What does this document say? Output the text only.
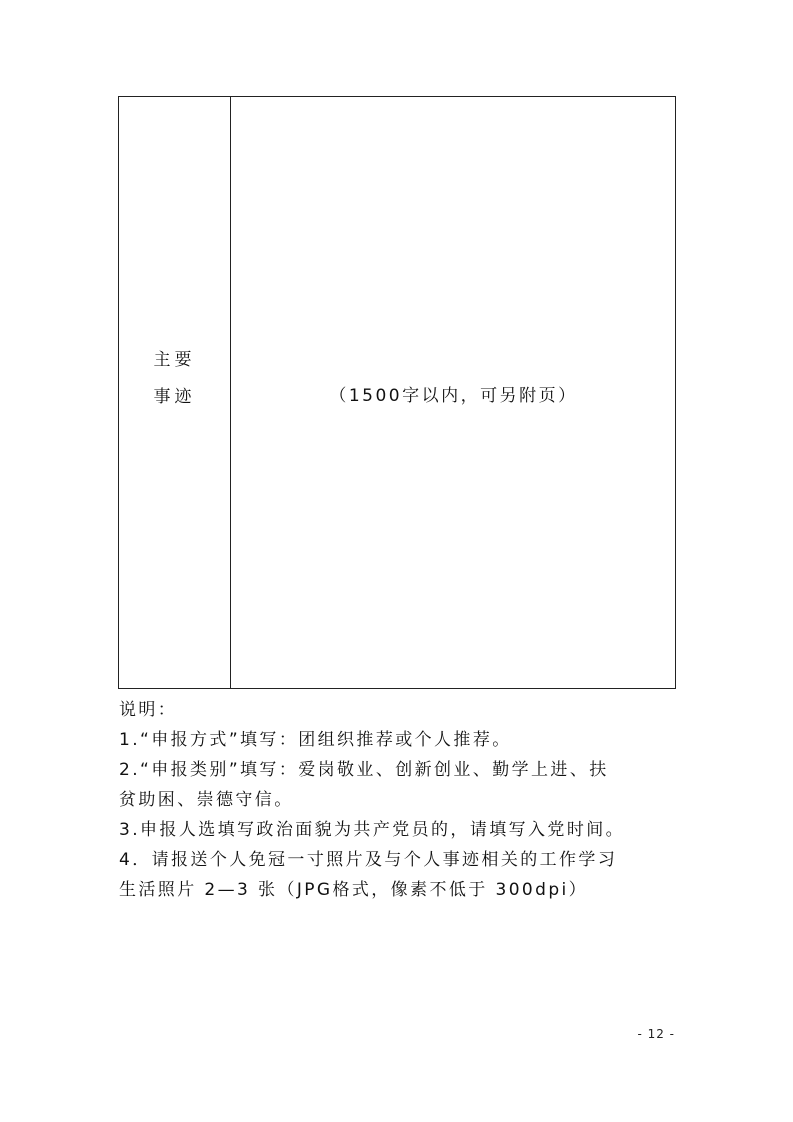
主要
事迹	（1500字以内，可另附页）

说明：

1.“申报方式”填写：团组织推荐或个人推荐。

2.“申报类别”填写：爱岗敬业、创新创业、勤学上进、扶

贫助困、崇德守信。

3.申报人选填写政治面貌为共产党员的，请填写入党时间。

4．请报送个人免冠一寸照片及与个人事迹相关的工作学习

生活照片 2—3 张（JPG格式，像素不低于 300dpi）

- 12 -
